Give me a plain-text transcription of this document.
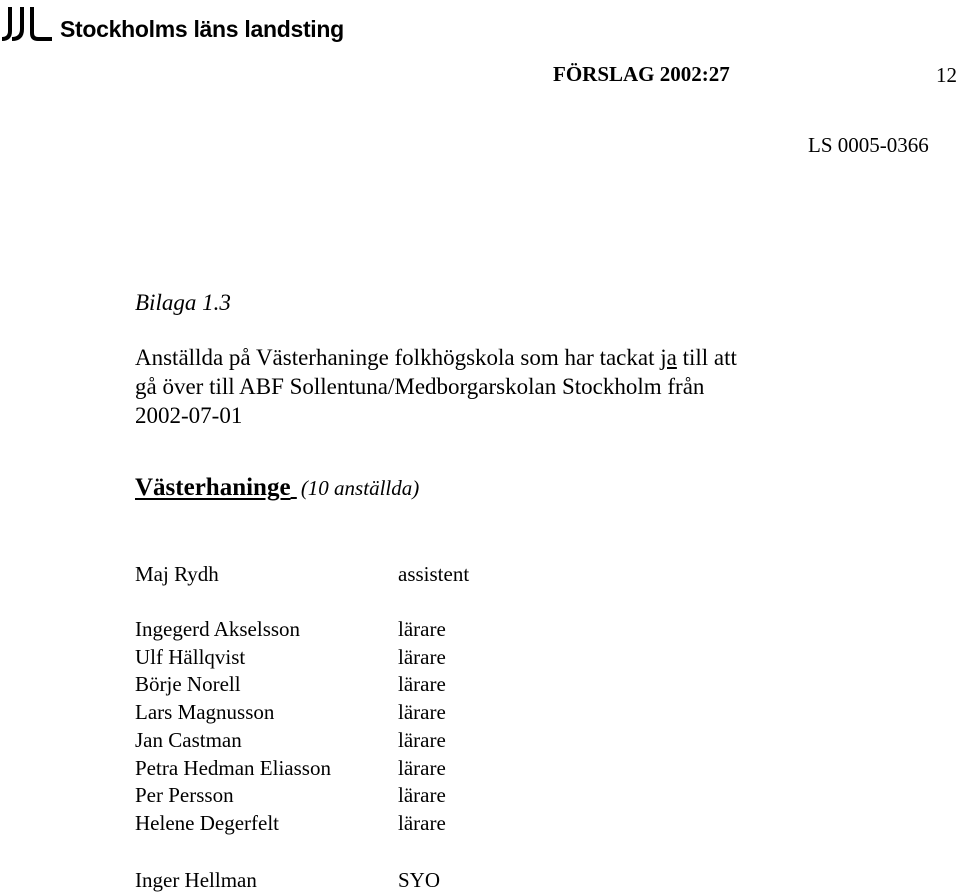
Stockholms läns landsting
FÖRSLAG 2002:27	12
LS 0005-0366
Bilaga 1.3

Anställda på Västerhaninge folkhögskola som har tackat ja till att
gå över till ABF Sollentuna/Medborgarskolan Stockholm från
2002-07-01

Västerhaninge (10 anställda)
Maj Rydh	assistent
Ingegerd Akselsson	lärare
Ulf Hällqvist	lärare
Börje Norell	lärare
Lars Magnusson	lärare
Jan Castman	lärare
Petra Hedman Eliasson	lärare
Per Persson	lärare
Helene Degerfelt	lärare
Inger Hellman	SYO
